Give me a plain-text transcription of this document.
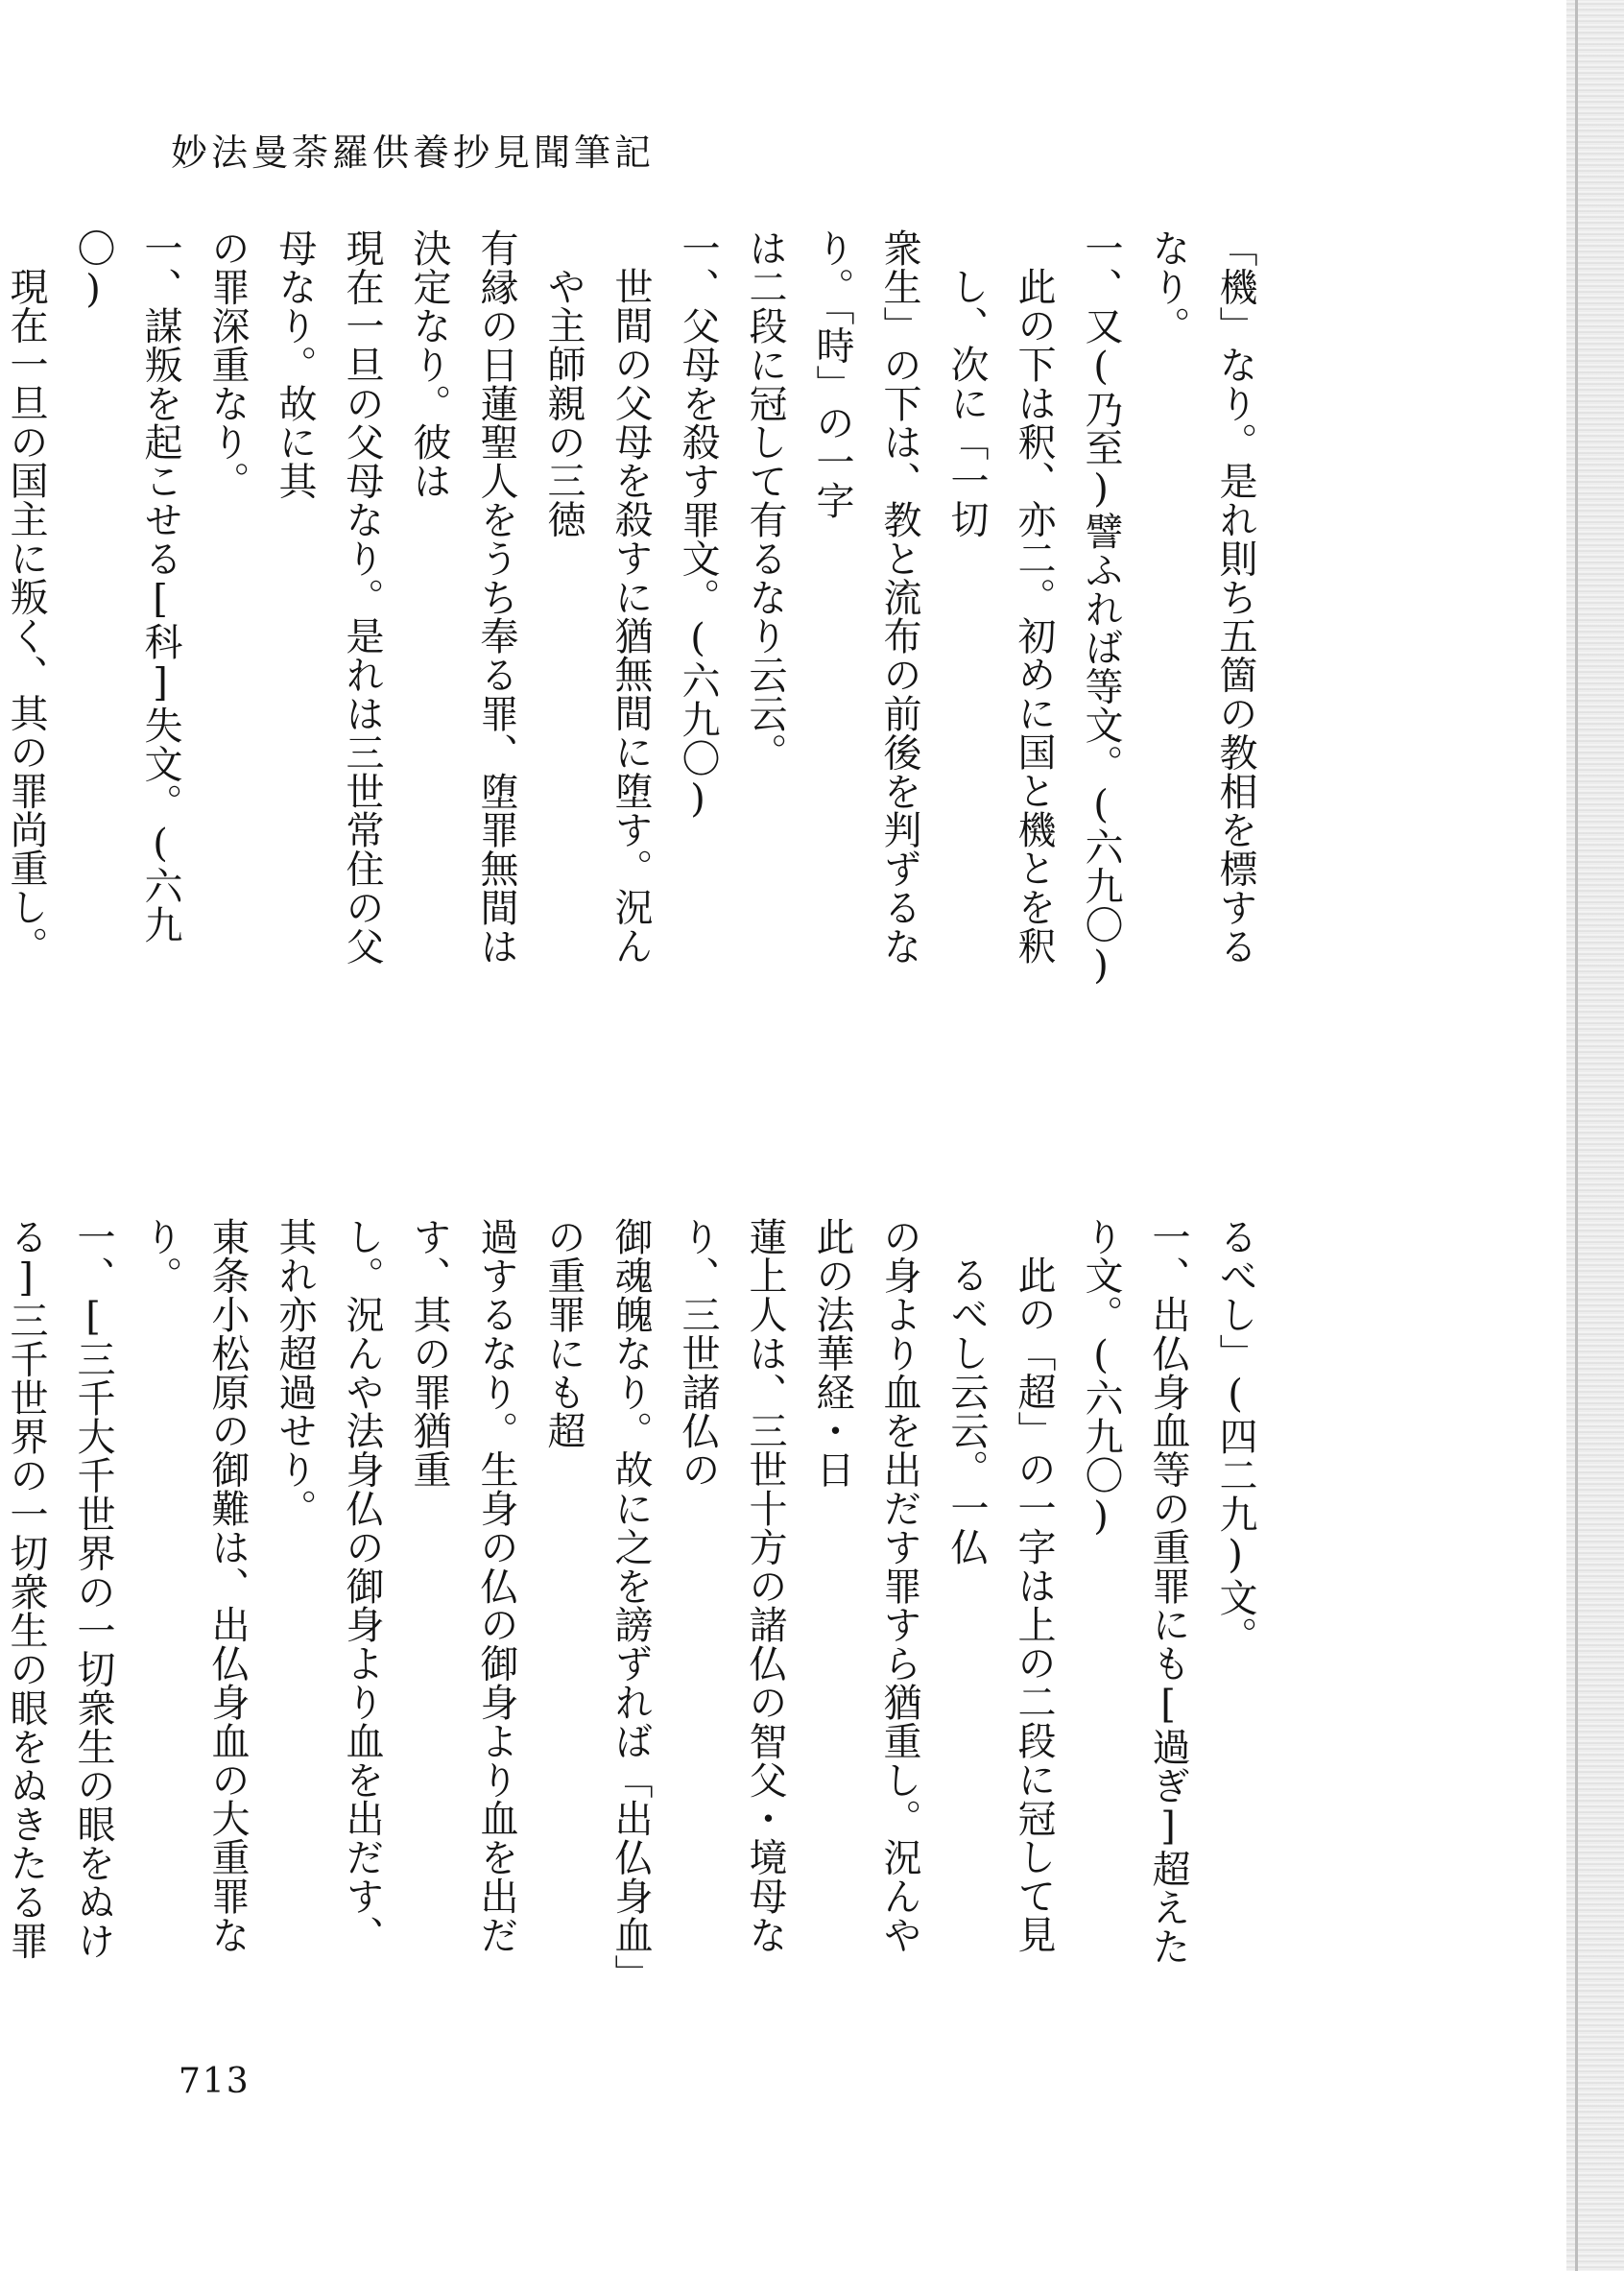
妙法曼荼羅供養抄見聞筆記

「機」なり。是れ則ち五箇の教相を標するなり。

一、又(乃至)譬ふれば等文。(六九〇)

此の下は釈、亦二。初めに国と機とを釈し、次に「一切

衆生」の下は、教と流布の前後を判ずるなり。「時」の一字

は二段に冠して有るなり云云。

一、父母を殺す罪文。(六九〇)

世間の父母を殺すに猶無間に堕す。況んや主師親の三徳

有縁の日蓮聖人をうち奉る罪、堕罪無間は決定なり。彼は

現在一旦の父母なり。是れは三世常住の父母なり。故に其

の罪深重なり。

一、謀叛を起こせる[科]失文。(六九〇)

現在一旦の国主に叛く、其の罪尚重し。

るべし」(四二九)文。

一、出仏身血等の重罪にも[過ぎ]超えたり文。(六九〇)

此の「超」の一字は上の二段に冠して見るべし云云。一仏

の身より血を出だす罪すら猶重し。況んや此の法華経・日

蓮上人は、三世十方の諸仏の智父・境母なり、三世諸仏の

御魂魄なり。故に之を謗ずれば「出仏身血」の重罪にも超

過するなり。生身の仏の御身より血を出だす、其の罪猶重

し。況んや法身仏の御身より血を出だす、其れ亦超過せり。

東条小松原の御難は、出仏身血の大重罪なり。

一、[三千大千世界の一切衆生の眼をぬける]三千世界の一切衆生の眼をぬきたる罪

713
